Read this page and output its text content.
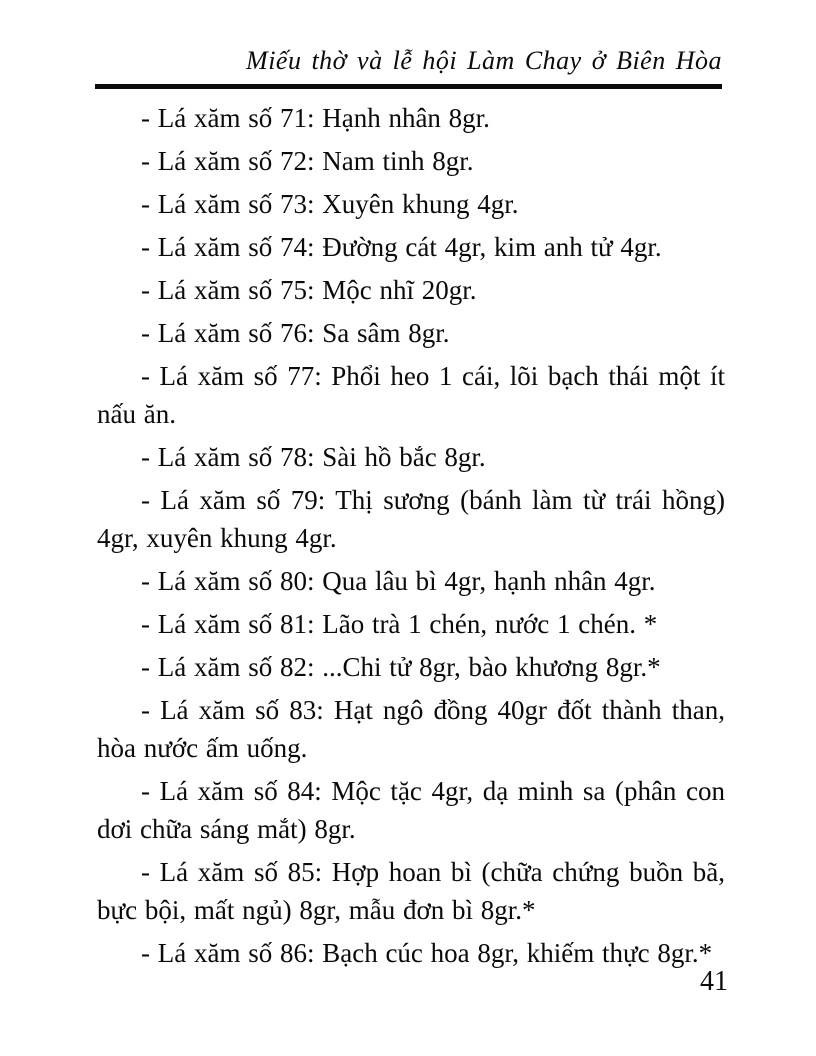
Miếu thờ và lễ hội Làm Chay ở Biên Hòa

- Lá xăm số 71: Hạnh nhân 8gr.

- Lá xăm số 72: Nam tinh 8gr.

- Lá xăm số 73: Xuyên khung 4gr.

- Lá xăm số 74: Đường cát 4gr, kim anh tử 4gr.

- Lá xăm số 75: Mộc nhĩ 20gr.

- Lá xăm số 76: Sa sâm 8gr.

- Lá xăm số 77: Phổi heo 1 cái, lõi bạch thái một ít nấu ăn.

- Lá xăm số 78: Sài hồ bắc 8gr.

- Lá xăm số 79: Thị sương (bánh làm từ trái hồng) 4gr, xuyên khung 4gr.

- Lá xăm số 80: Qua lâu bì 4gr, hạnh nhân 4gr.

- Lá xăm số 81: Lão trà 1 chén, nước 1 chén. *

- Lá xăm số 82: ...Chi tử 8gr, bào khương 8gr.*

- Lá xăm số 83: Hạt ngô đồng 40gr đốt thành than, hòa nước ấm uống.

- Lá xăm số 84: Mộc tặc 4gr, dạ minh sa (phân con dơi chữa sáng mắt) 8gr.

- Lá xăm số 85: Hợp hoan bì (chữa chứng buồn bã, bực bội, mất ngủ) 8gr, mẫu đơn bì 8gr.*

- Lá xăm số 86: Bạch cúc hoa 8gr, khiếm thực 8gr.*

41
